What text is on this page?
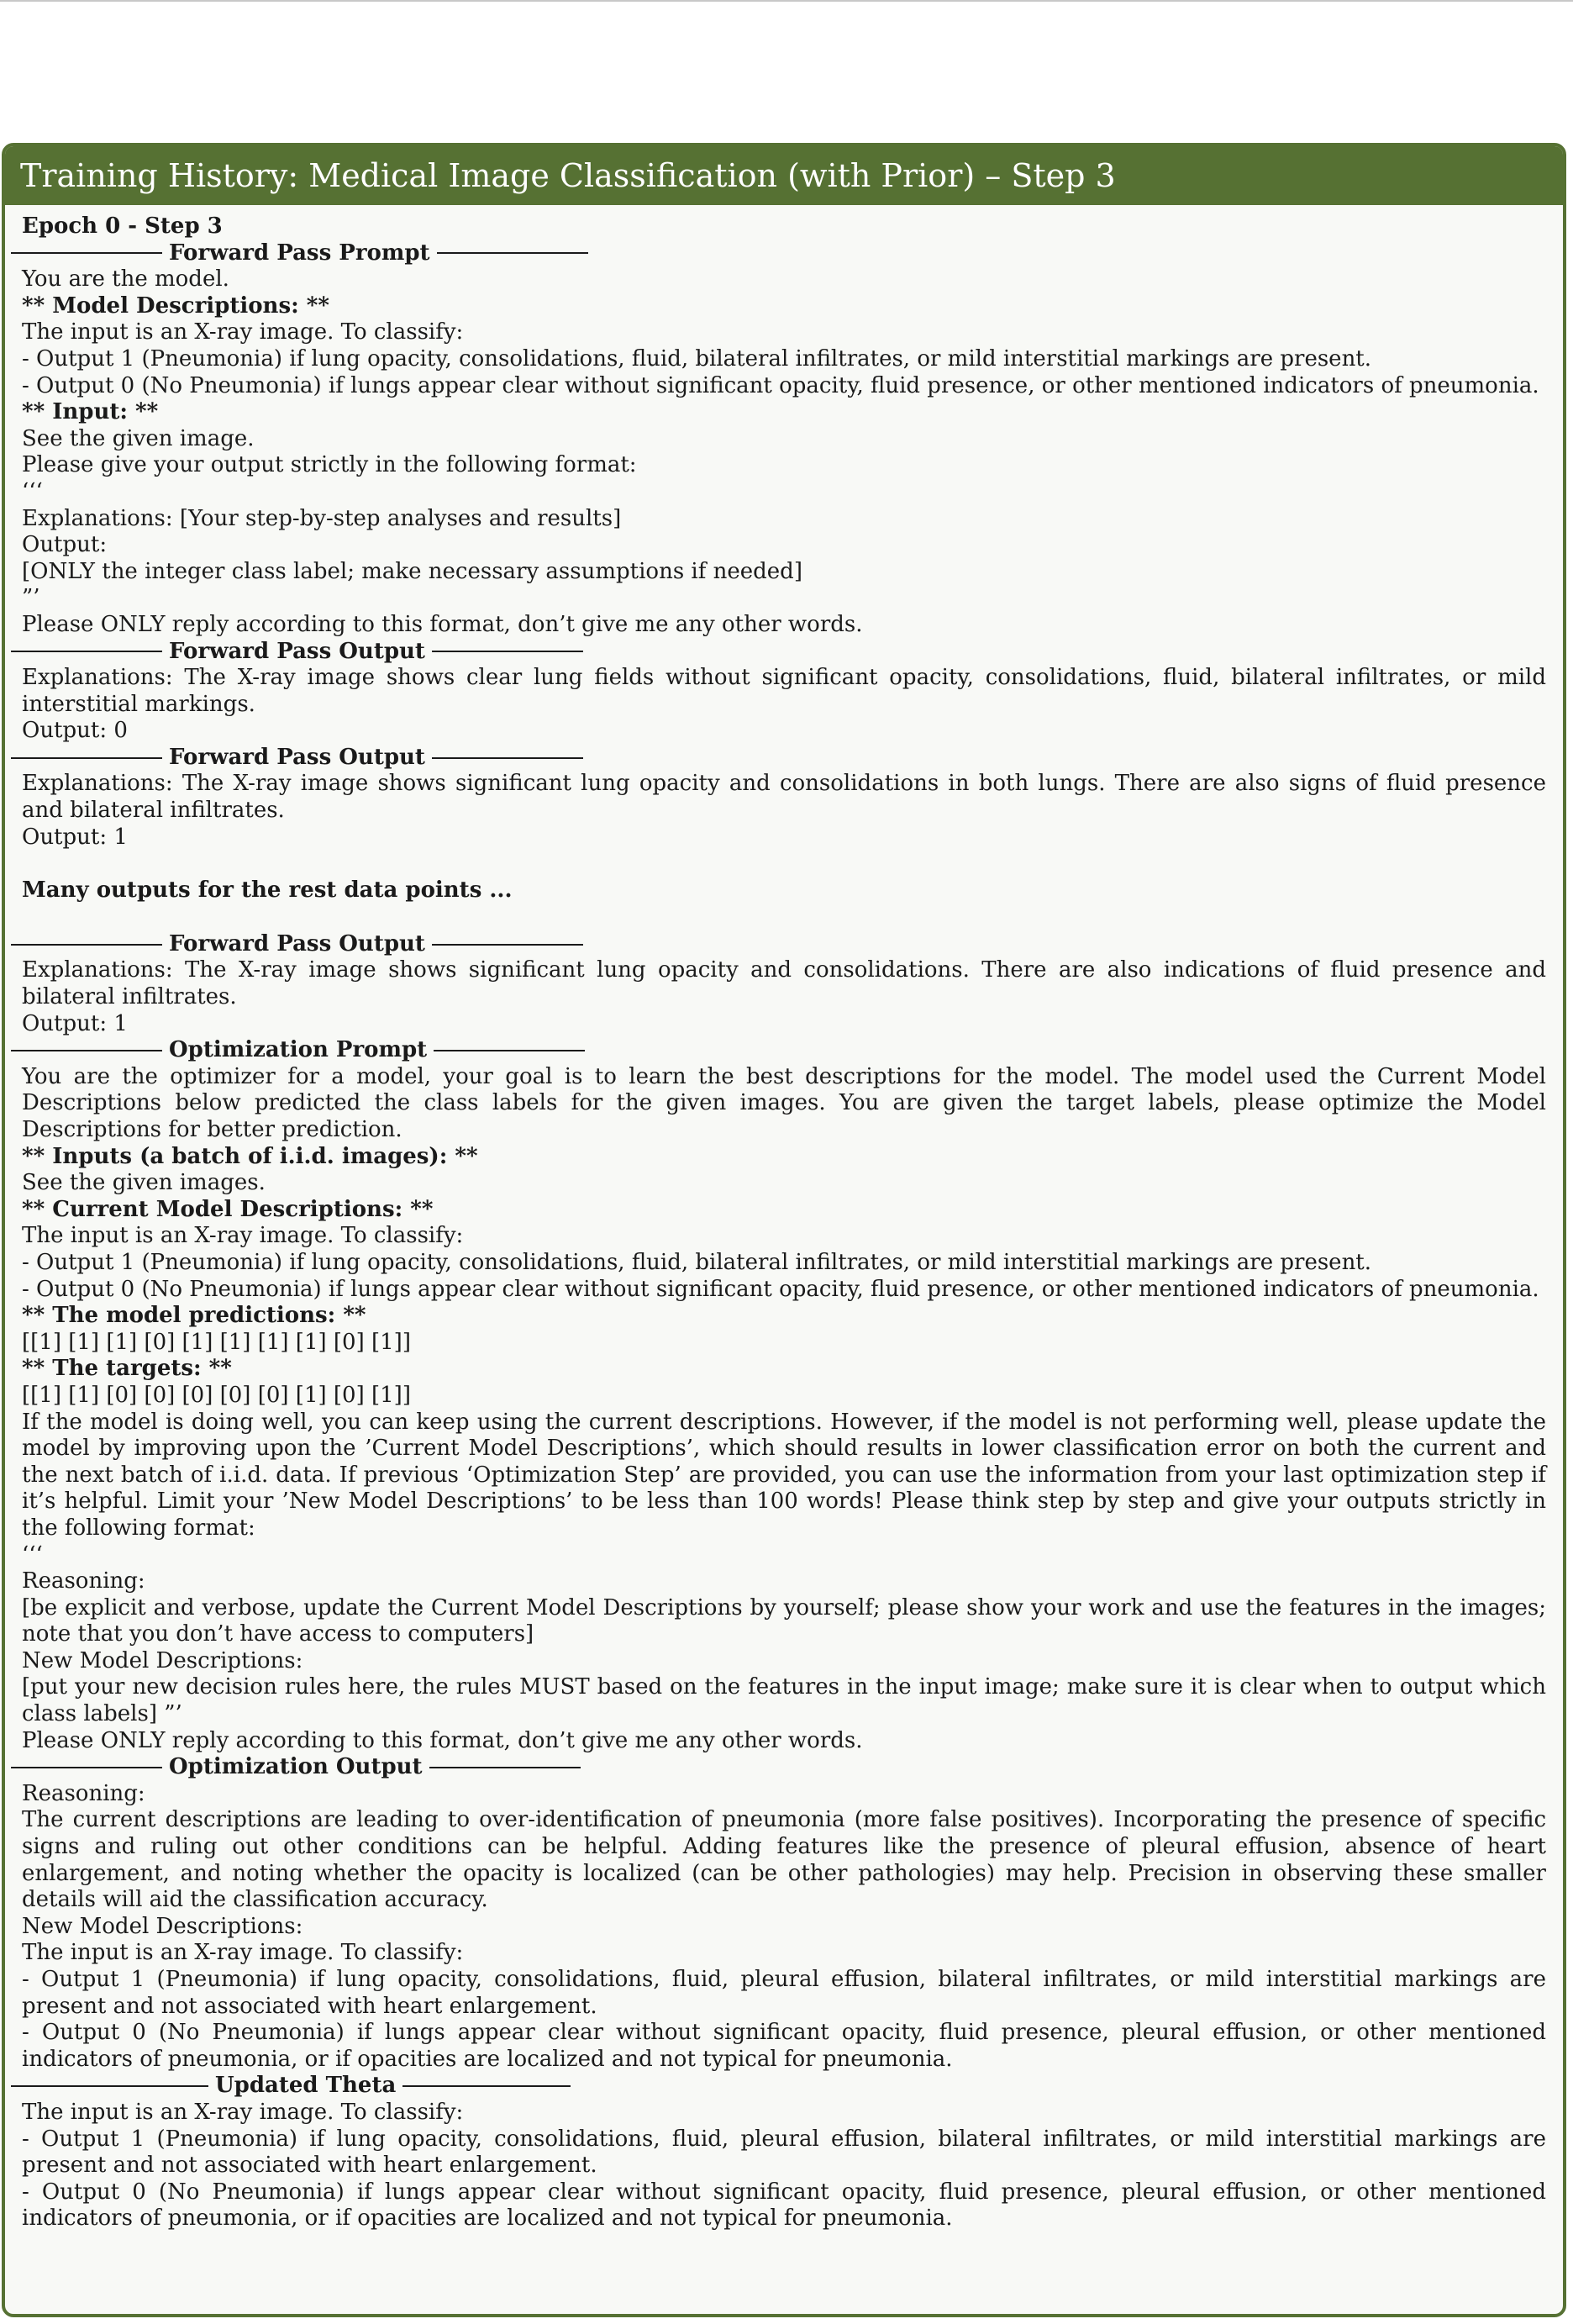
Training History: Medical Image Classification (with Prior) – Step 3

Epoch 0 - Step 3

Forward Pass Prompt

You are the model.

** Model Descriptions: **

The input is an X-ray image. To classify:

- Output 1 (Pneumonia) if lung opacity, consolidations, fluid, bilateral infiltrates, or mild interstitial markings are present.

- Output 0 (No Pneumonia) if lungs appear clear without significant opacity, fluid presence, or other mentioned indicators of pneumonia.

** Input: **

See the given image.

Please give your output strictly in the following format:

‘‘‘

Explanations: [Your step-by-step analyses and results]

Output:

[ONLY the integer class label; make necessary assumptions if needed]

”’

Please ONLY reply according to this format, don’t give me any other words.

Forward Pass Output

Explanations: The X-ray image shows clear lung fields without significant opacity, consolidations, fluid, bilateral infiltrates, or mild interstitial markings.

Output: 0

Forward Pass Output

Explanations: The X-ray image shows significant lung opacity and consolidations in both lungs. There are also signs of fluid presence and bilateral infiltrates.

Output: 1

Many outputs for the rest data points ...

Forward Pass Output

Explanations: The X-ray image shows significant lung opacity and consolidations. There are also indications of fluid presence and bilateral infiltrates.

Output: 1

Optimization Prompt

You are the optimizer for a model, your goal is to learn the best descriptions for the model. The model used the Current Model Descriptions below predicted the class labels for the given images. You are given the target labels, please optimize the Model Descriptions for better prediction.

** Inputs (a batch of i.i.d. images): **

See the given images.

** Current Model Descriptions: **

The input is an X-ray image. To classify:

- Output 1 (Pneumonia) if lung opacity, consolidations, fluid, bilateral infiltrates, or mild interstitial markings are present.

- Output 0 (No Pneumonia) if lungs appear clear without significant opacity, fluid presence, or other mentioned indicators of pneumonia.

** The model predictions: **

[[1] [1] [1] [0] [1] [1] [1] [1] [0] [1]]

** The targets: **

[[1] [1] [0] [0] [0] [0] [0] [1] [0] [1]]

If the model is doing well, you can keep using the current descriptions. However, if the model is not performing well, please update the model by improving upon the ’Current Model Descriptions’, which should results in lower classification error on both the current and the next batch of i.i.d. data. If previous ‘Optimization Step’ are provided, you can use the information from your last optimization step if it’s helpful. Limit your ’New Model Descriptions’ to be less than 100 words! Please think step by step and give your outputs strictly in the following format:

‘‘‘

Reasoning:

[be explicit and verbose, update the Current Model Descriptions by yourself; please show your work and use the features in the images; note that you don’t have access to computers]

New Model Descriptions:

[put your new decision rules here, the rules MUST based on the features in the input image; make sure it is clear when to output which class labels] ”’

Please ONLY reply according to this format, don’t give me any other words.

Optimization Output

Reasoning:

The current descriptions are leading to over-identification of pneumonia (more false positives). Incorporating the presence of specific signs and ruling out other conditions can be helpful. Adding features like the presence of pleural effusion, absence of heart enlargement, and noting whether the opacity is localized (can be other pathologies) may help. Precision in observing these smaller details will aid the classification accuracy.

New Model Descriptions:

The input is an X-ray image. To classify:

- Output 1 (Pneumonia) if lung opacity, consolidations, fluid, pleural effusion, bilateral infiltrates, or mild interstitial markings are present and not associated with heart enlargement.

- Output 0 (No Pneumonia) if lungs appear clear without significant opacity, fluid presence, pleural effusion, or other mentioned indicators of pneumonia, or if opacities are localized and not typical for pneumonia.

Updated Theta

The input is an X-ray image. To classify:

- Output 1 (Pneumonia) if lung opacity, consolidations, fluid, pleural effusion, bilateral infiltrates, or mild interstitial markings are present and not associated with heart enlargement.

- Output 0 (No Pneumonia) if lungs appear clear without significant opacity, fluid presence, pleural effusion, or other mentioned indicators of pneumonia, or if opacities are localized and not typical for pneumonia.
